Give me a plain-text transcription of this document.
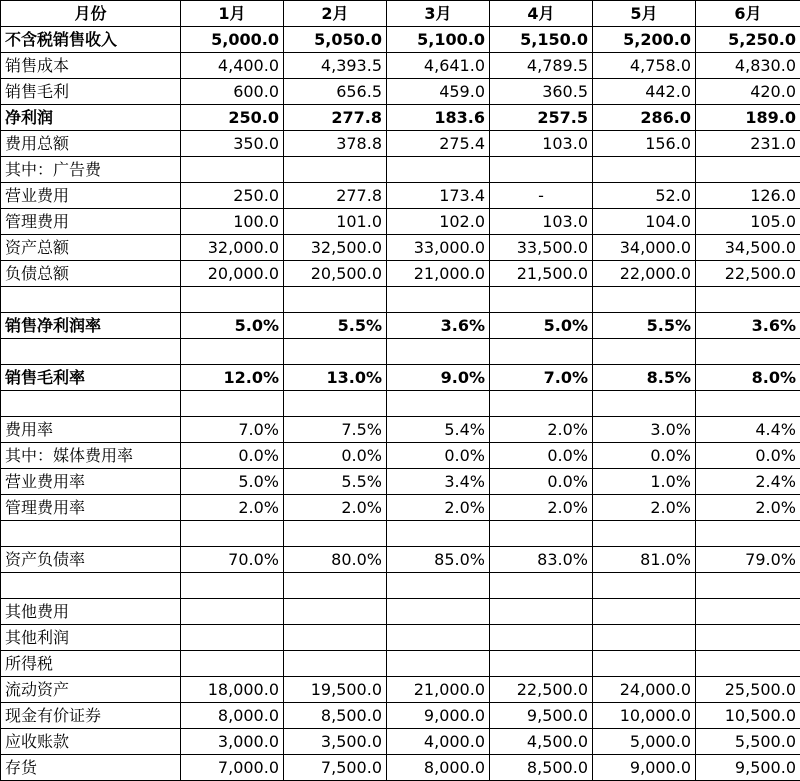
月份	1月	2月	3月	4月	5月	6月
不含税销售收入	5,000.0	5,050.0	5,100.0	5,150.0	5,200.0	5,250.0
销售成本	4,400.0	4,393.5	4,641.0	4,789.5	4,758.0	4,830.0
销售毛利	600.0	656.5	459.0	360.5	442.0	420.0
净利润	250.0	277.8	183.6	257.5	286.0	189.0
费用总额	350.0	378.8	275.4	103.0	156.0	231.0
其中：广告费						
营业费用	250.0	277.8	173.4	-	52.0	126.0
管理费用	100.0	101.0	102.0	103.0	104.0	105.0
资产总额	32,000.0	32,500.0	33,000.0	33,500.0	34,000.0	34,500.0
负债总额	20,000.0	20,500.0	21,000.0	21,500.0	22,000.0	22,500.0

销售净利润率	5.0%	5.5%	3.6%	5.0%	5.5%	3.6%

销售毛利率	12.0%	13.0%	9.0%	7.0%	8.5%	8.0%

费用率	7.0%	7.5%	5.4%	2.0%	3.0%	4.4%
其中：媒体费用率	0.0%	0.0%	0.0%	0.0%	0.0%	0.0%
营业费用率	5.0%	5.5%	3.4%	0.0%	1.0%	2.4%
管理费用率	2.0%	2.0%	2.0%	2.0%	2.0%	2.0%

资产负债率	70.0%	80.0%	85.0%	83.0%	81.0%	79.0%

其他费用						
其他利润						
所得税						
流动资产	18,000.0	19,500.0	21,000.0	22,500.0	24,000.0	25,500.0
现金有价证券	8,000.0	8,500.0	9,000.0	9,500.0	10,000.0	10,500.0
应收账款	3,000.0	3,500.0	4,000.0	4,500.0	5,000.0	5,500.0
存货	7,000.0	7,500.0	8,000.0	8,500.0	9,000.0	9,500.0
